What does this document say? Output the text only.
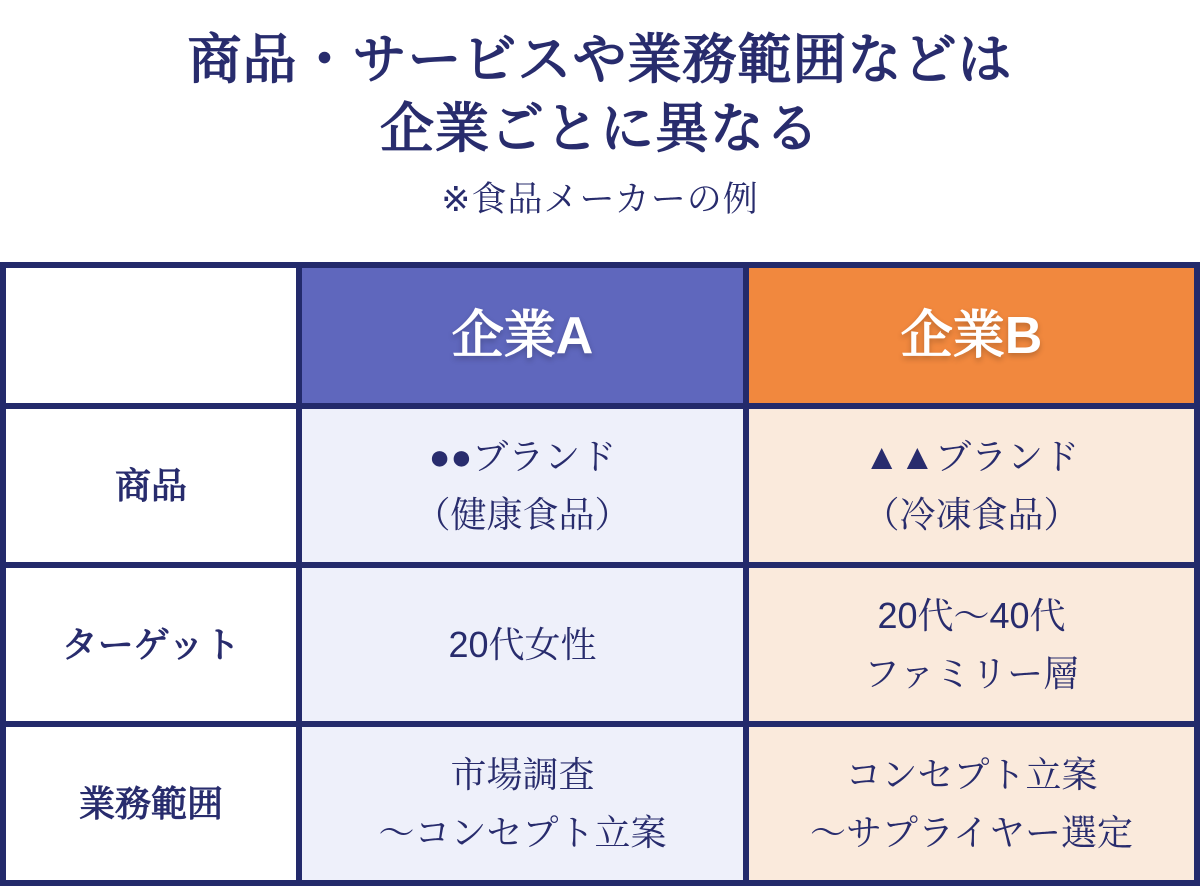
商品・サービスや業務範囲などは
企業ごとに異なる
※食品メーカーの例
企業A	企業B
商品
●●ブランド
（健康食品）
▲▲ブランド
（冷凍食品）
ターゲット	20代女性
20代～40代
ファミリー層
業務範囲
市場調査
～コンセプト立案
コンセプト立案
～サプライヤー選定
